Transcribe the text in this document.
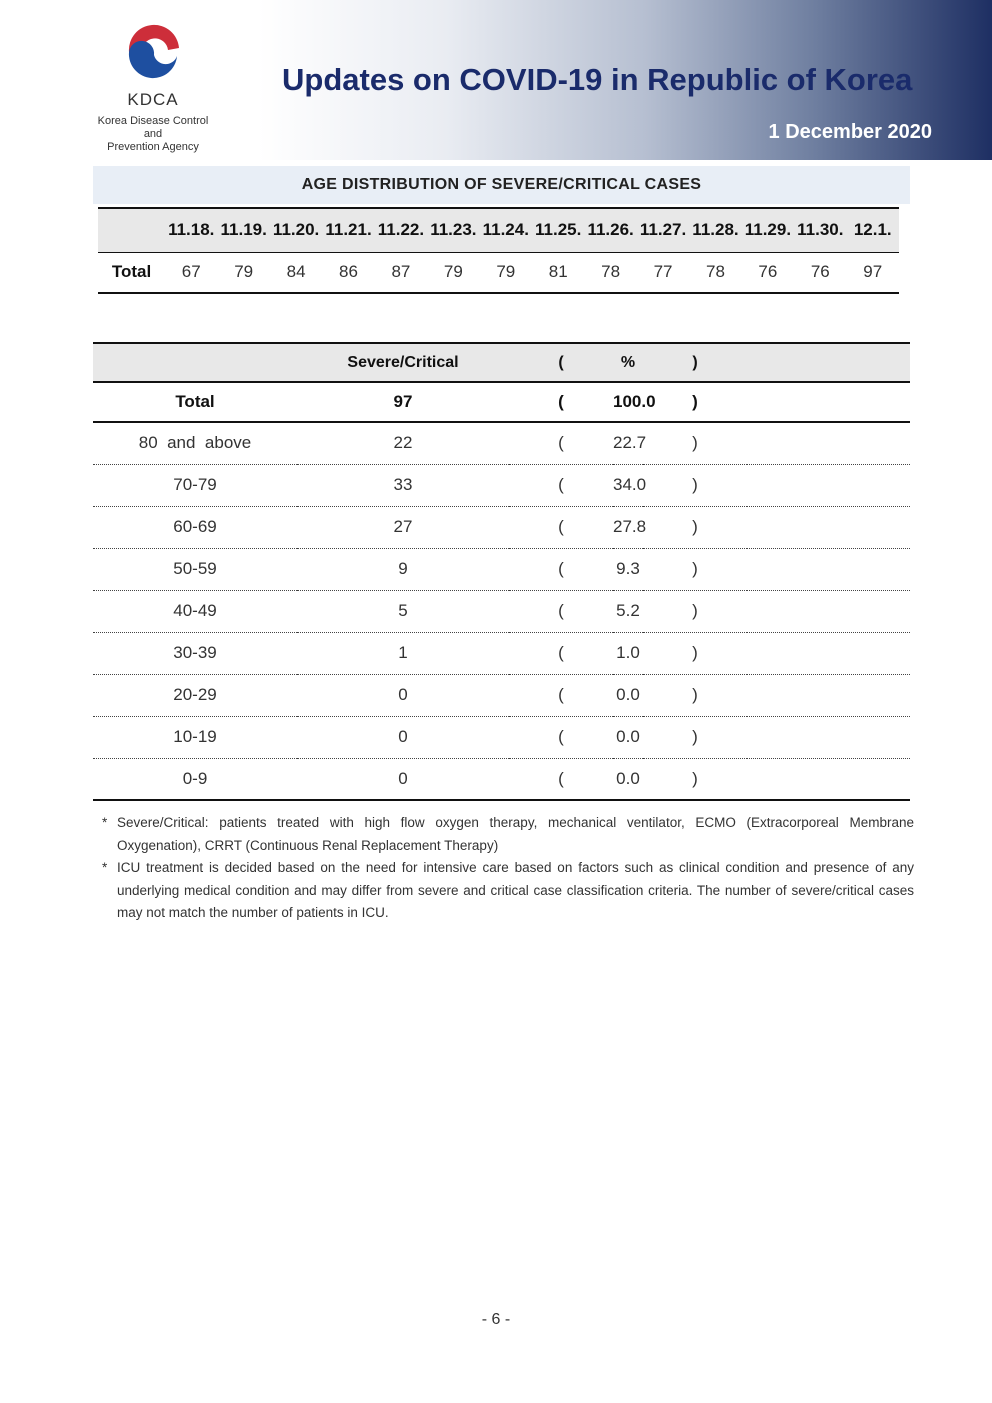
KDCA
Korea Disease Control and
Prevention Agency
Updates on COVID-19 in Republic of Korea
1 December 2020
AGE DISTRIBUTION OF SEVERE/CRITICAL CASES
	11.18.	11.19.	11.20.	11.21.	11.22.	11.23.	11.24.	11.25.	11.26.	11.27.	11.28.	11.29.	11.30.	12.1.
Total	67	79	84	86	87	79	79	81	78	77	78	76	76	97
	Severe/Critical	(	%	)	
Total	97	(	100.0	)	
80  and  above	22	(	22.7	)	
70-79	33	(	34.0	)	
60-69	27	(	27.8	)	
50-59	9	(	9.3	)	
40-49	5	(	5.2	)	
30-39	1	(	1.0	)	
20-29	0	(	0.0	)	
10-19	0	(	0.0	)	
0-9	0	(	0.0	)	
* Severe/Critical: patients treated with high flow oxygen therapy, mechanical ventilator, ECMO (Extracorporeal Membrane Oxygenation), CRRT (Continuous Renal Replacement Therapy)
* ICU treatment is decided based on the need for intensive care based on factors such as clinical condition and presence of any underlying medical condition and may differ from severe and critical case classification criteria. The number of severe/critical cases may not match the number of patients in ICU.
- 6 -
